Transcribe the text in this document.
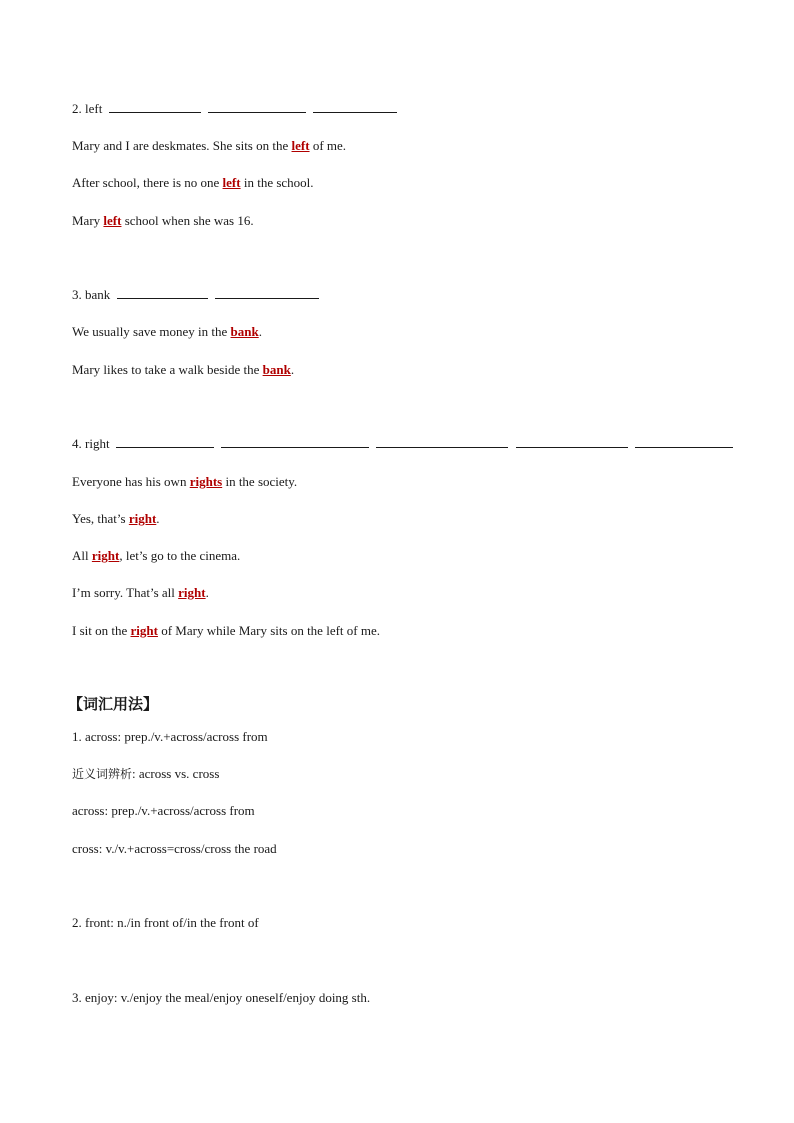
2. left
Mary and I are deskmates. She sits on the left of me.
After school, there is no one left in the school.
Mary left school when she was 16.
3. bank
We usually save money in the bank.
Mary likes to take a walk beside the bank.
4. right
Everyone has his own rights in the society.
Yes, that’s right.
All right, let’s go to the cinema.
I’m sorry. That’s all right.
I sit on the right of Mary while Mary sits on the left of me.
【词汇用法】
1. across: prep./v.+across/across from
近义词辨析: across vs. cross
across: prep./v.+across/across from
cross: v./v.+across=cross/cross the road
2. front: n./in front of/in the front of
3. enjoy: v./enjoy the meal/enjoy oneself/enjoy doing sth.
